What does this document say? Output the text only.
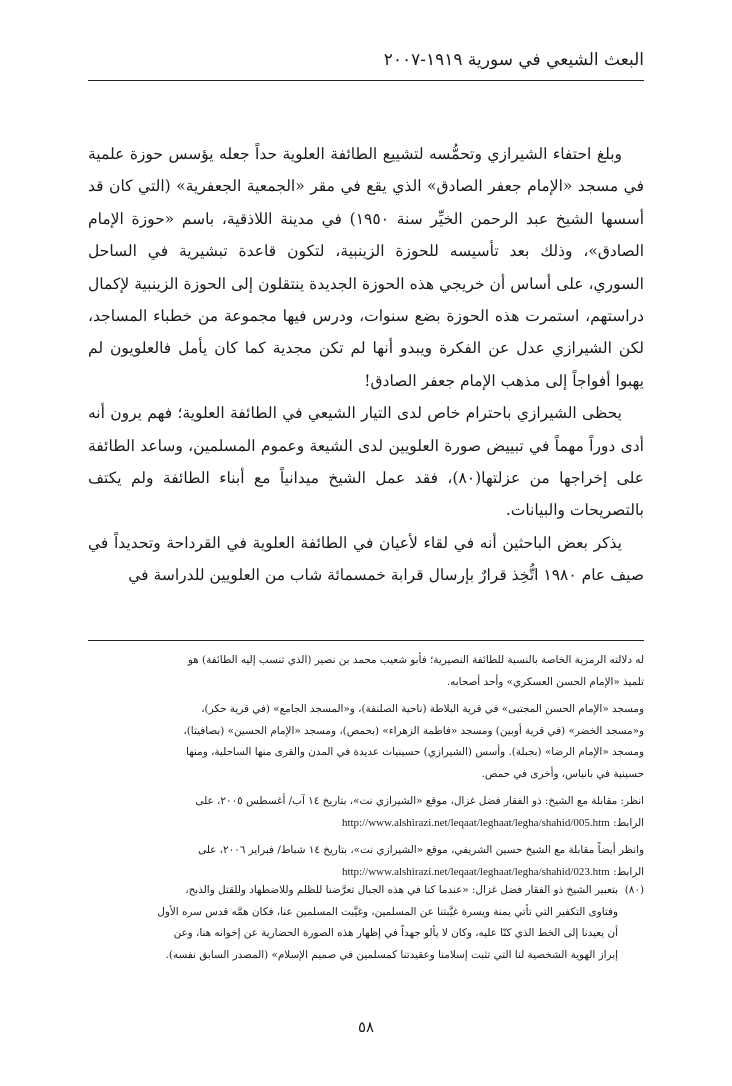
البعث الشيعي في سورية ١٩١٩-٢٠٠٧

وبلغ احتفاء الشيرازي وتحمُّسه لتشييع الطائفة العلوية حداً جعله يؤسس حوزة علمية في مسجد «الإمام جعفر الصادق» الذي يقع في مقر «الجمعية الجعفرية» (التي كان قد أسسها الشيخ عبد الرحمن الخيِّر سنة ١٩٥٠) في مدينة اللاذقية، باسم «حوزة الإمام الصادق»، وذلك بعد تأسيسه للحوزة الزينبية، لتكون قاعدة تبشيرية في الساحل السوري، على أساس أن خريجي هذه الحوزة الجديدة ينتقلون إلى الحوزة الزينبية لإكمال دراستهم، استمرت هذه الحوزة بضع سنوات، ودرس فيها مجموعة من خطباء المساجد، لكن الشيرازي عدل عن الفكرة ويبدو أنها لم تكن مجدية كما كان يأمل فالعلويون لم يهبوا أفواجاً إلى مذهب الإمام جعفر الصادق!

يحظى الشيرازي باحترام خاص لدى التيار الشيعي في الطائفة العلوية؛ فهم يرون أنه أدى دوراً مهماً في تبييض صورة العلويين لدى الشيعة وعموم المسلمين، وساعد الطائفة على إخراجها من عزلتها(٨٠)، فقد عمل الشيخ ميدانياً مع أبناء الطائفة ولم يكتف بالتصريحات والبيانات.

يذكر بعض الباحثين أنه في لقاء لأعيان في الطائفة العلوية في القرداحة وتحديداً في صيف عام ١٩٨٠ اتُّخِذ قرارٌ بإرسال قرابة خمسمائة شاب من العلويين للدراسة في

له دلالته الرمزية الخاصة بالنسبة للطائفة النصيرية؛ فأبو شعيب محمد بن نصير (الذي تنسب إليه الطائفة) هو
تلميذ «الإمام الحسن العسكري» وأحد أصحابه.
ومسجد «الإمام الحسن المجتبى» في قرية البلاطة (ناحية الصلنفة)، و«المسجد الجامع» (في قرية حكر)،
و«مسجد الخضر» (في قرية أوبين) ومسجد «فاطمة الزهراء» (بحمص)، ومسجد «الإمام الحسين» (بصافيتا)،
ومسجد «الإمام الرضا» (بجبلة). وأسس (الشيرازي) حسينيات عديدة في المدن والقرى منها الساحلية، ومنها
حسينية في بانياس، وأخرى في حمص.
انظر: مقابلة مع الشيخ: ذو الفقار فضل غزال، موقع «الشيرازي نت»، بتاريخ ١٤ آب/ أغسطس ٢٠٠٥، على
الرابط: http://www.alshirazi.net/leqaat/leghaat/legha/shahid/005.htm
وانظر أيضاً مقابلة مع الشيخ حسين الشريفي، موقع «الشيرازي نت»، بتاريخ ١٤ شباط/ فبراير ٢٠٠٦، على
الرابط: http://www.alshirazi.net/leqaat/leghaat/legha/shahid/023.htm
(٨٠)
بتعبير الشيخ ذو الفقار فضل غزال: «عندما كنا في هذه الجبال تعرَّضنا للظلم وللاضطهاد وللقتل والذبح،
وفتاوى التكفير التي تأتي يمنة ويسرة غيَّبتنا عن المسلمين، وغيَّبت المسلمين عنا، فكان همَّه قدس سره الأول
أن يعيدنا إلى الخط الذي كنّا عليه، وكان لا يألو جهداً في إظهار هذه الصورة الحضارية عن إخوانه هنا، وعن
إبراز الهوية الشخصية لنا التي تثبت إسلامنا وعقيدتنا كمسلمين في صميم الإسلام» (المصدر السابق نفسه).
٥٨
